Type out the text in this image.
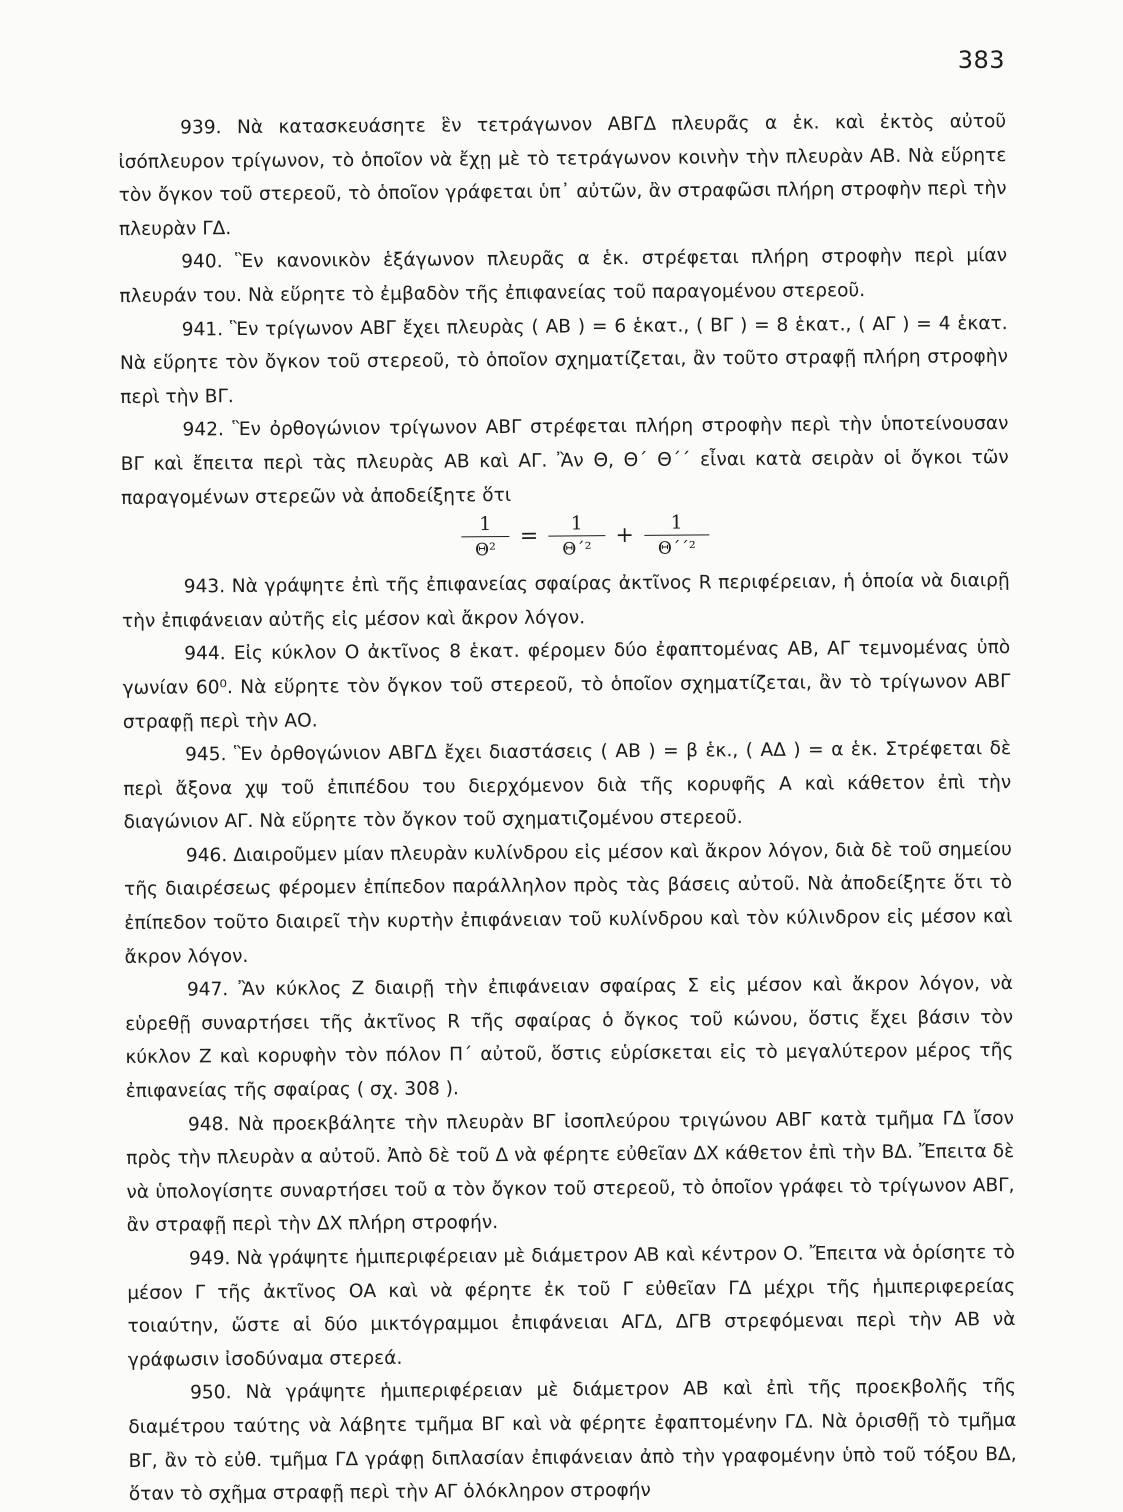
383

939. Νὰ κατασκευάσητε ἓν τετράγωνον ΑΒΓΔ πλευρᾶς α ἑκ. καὶ ἐκτὸς αὐτοῦ ἰσόπλευρον τρίγωνον, τὸ ὁποῖον νὰ ἔχῃ μὲ τὸ τετράγωνον κοινὴν τὴν πλευρὰν ΑΒ. Νὰ εὕρητε τὸν ὄγκον τοῦ στερεοῦ, τὸ ὁποῖον γράφεται ὑπ᾽ αὐτῶν, ἂν στραφῶσι πλήρη στροφὴν περὶ τὴν πλευρὰν ΓΔ.

940. Ἓν κανονικὸν ἑξάγωνον πλευρᾶς α ἑκ. στρέφεται πλήρη στροφὴν περὶ μίαν πλευράν του. Νὰ εὕρητε τὸ ἐμβαδὸν τῆς ἐπιφανείας τοῦ παραγομένου στερεοῦ.

941. Ἓν τρίγωνον ΑΒΓ ἔχει πλευρὰς ( ΑΒ ) = 6 ἑκατ., ( ΒΓ ) = 8 ἑκατ., ( ΑΓ ) = 4 ἑκατ. Νὰ εὕρητε τὸν ὄγκον τοῦ στερεοῦ, τὸ ὁποῖον σχηματίζεται, ἂν τοῦτο στραφῇ πλήρη στροφὴν περὶ τὴν ΒΓ.

942. Ἓν ὀρθογώνιον τρίγωνον ΑΒΓ στρέφεται πλήρη στροφὴν περὶ τὴν ὑποτείνουσαν ΒΓ καὶ ἔπειτα περὶ τὰς πλευρὰς ΑΒ καὶ ΑΓ. Ἂν Θ, Θ΄ Θ΄΄ εἶναι κατὰ σειρὰν οἱ ὄγκοι τῶν παραγομένων στερεῶν νὰ ἀποδείξητε ὅτι

$\frac{1}{\text{Θ²}} = \frac{1}{\text{Θ΄²}} + \frac{1}{\text{Θ΄΄²}}$

943. Νὰ γράψητε ἐπὶ τῆς ἐπιφανείας σφαίρας ἀκτῖνος R περιφέρειαν, ἡ ὁποία νὰ διαιρῇ τὴν ἐπιφάνειαν αὐτῆς εἰς μέσον καὶ ἄκρον λόγον.

944. Εἰς κύκλον Ο ἀκτῖνος 8 ἑκατ. φέρομεν δύο ἐφαπτομένας ΑΒ, ΑΓ τεμνομένας ὑπὸ γωνίαν 60⁰. Νὰ εὕρητε τὸν ὄγκον τοῦ στερεοῦ, τὸ ὁποῖον σχηματίζεται, ἂν τὸ τρίγωνον ΑΒΓ στραφῇ περὶ τὴν ΑΟ.

945. Ἓν ὀρθογώνιον ΑΒΓΔ ἔχει διαστάσεις ( ΑΒ ) = β ἑκ., ( ΑΔ ) = α ἑκ. Στρέφεται δὲ περὶ ἄξονα χψ τοῦ ἐπιπέδου του διερχόμενον διὰ τῆς κορυφῆς Α καὶ κάθετον ἐπὶ τὴν διαγώνιον ΑΓ. Νὰ εὕρητε τὸν ὄγκον τοῦ σχηματιζομένου στερεοῦ.

946. Διαιροῦμεν μίαν πλευρὰν κυλίνδρου εἰς μέσον καὶ ἄκρον λόγον, διὰ δὲ τοῦ σημείου τῆς διαιρέσεως φέρομεν ἐπίπεδον παράλληλον πρὸς τὰς βάσεις αὐτοῦ. Νὰ ἀποδείξητε ὅτι τὸ ἐπίπεδον τοῦτο διαιρεῖ τὴν κυρτὴν ἐπιφάνειαν τοῦ κυλίνδρου καὶ τὸν κύλινδρον εἰς μέσον καὶ ἄκρον λόγον.

947. Ἂν κύκλος Ζ διαιρῇ τὴν ἐπιφάνειαν σφαίρας Σ εἰς μέσον καὶ ἄκρον λόγον, νὰ εὑρεθῇ συναρτήσει τῆς ἀκτῖνος R τῆς σφαίρας ὁ ὄγκος τοῦ κώνου, ὅστις ἔχει βάσιν τὸν κύκλον Ζ καὶ κορυφὴν τὸν πόλον Π΄ αὐτοῦ, ὅστις εὑρίσκεται εἰς τὸ μεγαλύτερον μέρος τῆς ἐπιφανείας τῆς σφαίρας ( σχ. 308 ).

948. Νὰ προεκβάλητε τὴν πλευρὰν ΒΓ ἰσοπλεύρου τριγώνου ΑΒΓ κατὰ τμῆμα ΓΔ ἴσον πρὸς τὴν πλευρὰν α αὐτοῦ. Ἀπὸ δὲ τοῦ Δ νὰ φέρητε εὐθεῖαν ΔΧ κάθετον ἐπὶ τὴν ΒΔ. Ἔπειτα δὲ νὰ ὑπολογίσητε συναρτήσει τοῦ α τὸν ὄγκον τοῦ στερεοῦ, τὸ ὁποῖον γράφει τὸ τρίγωνον ΑΒΓ, ἂν στραφῇ περὶ τὴν ΔΧ πλήρη στροφήν.

949. Νὰ γράψητε ἡμιπεριφέρειαν μὲ διάμετρον ΑΒ καὶ κέντρον Ο. Ἔπειτα νὰ ὁρίσητε τὸ μέσον Γ τῆς ἀκτῖνος ΟΑ καὶ νὰ φέρητε ἐκ τοῦ Γ εὐθεῖαν ΓΔ μέχρι τῆς ἡμιπεριφερείας τοιαύτην, ὥστε αἱ δύο μικτόγραμμοι ἐπιφάνειαι ΑΓΔ, ΔΓΒ στρεφόμεναι περὶ τὴν ΑΒ νὰ γράφωσιν ἰσοδύναμα στερεά.

950. Νὰ γράψητε ἡμιπεριφέρειαν μὲ διάμετρον ΑΒ καὶ ἐπὶ τῆς προεκβολῆς τῆς διαμέτρου ταύτης νὰ λάβητε τμῆμα ΒΓ καὶ νὰ φέρητε ἐφαπτομένην ΓΔ. Νὰ ὁρισθῇ τὸ τμῆμα ΒΓ, ἂν τὸ εὐθ. τμῆμα ΓΔ γράφῃ διπλασίαν ἐπιφάνειαν ἀπὸ τὴν γραφομένην ὑπὸ τοῦ τόξου ΒΔ, ὅταν τὸ σχῆμα στραφῇ περὶ τὴν ΑΓ ὁλόκληρον στροφήν
